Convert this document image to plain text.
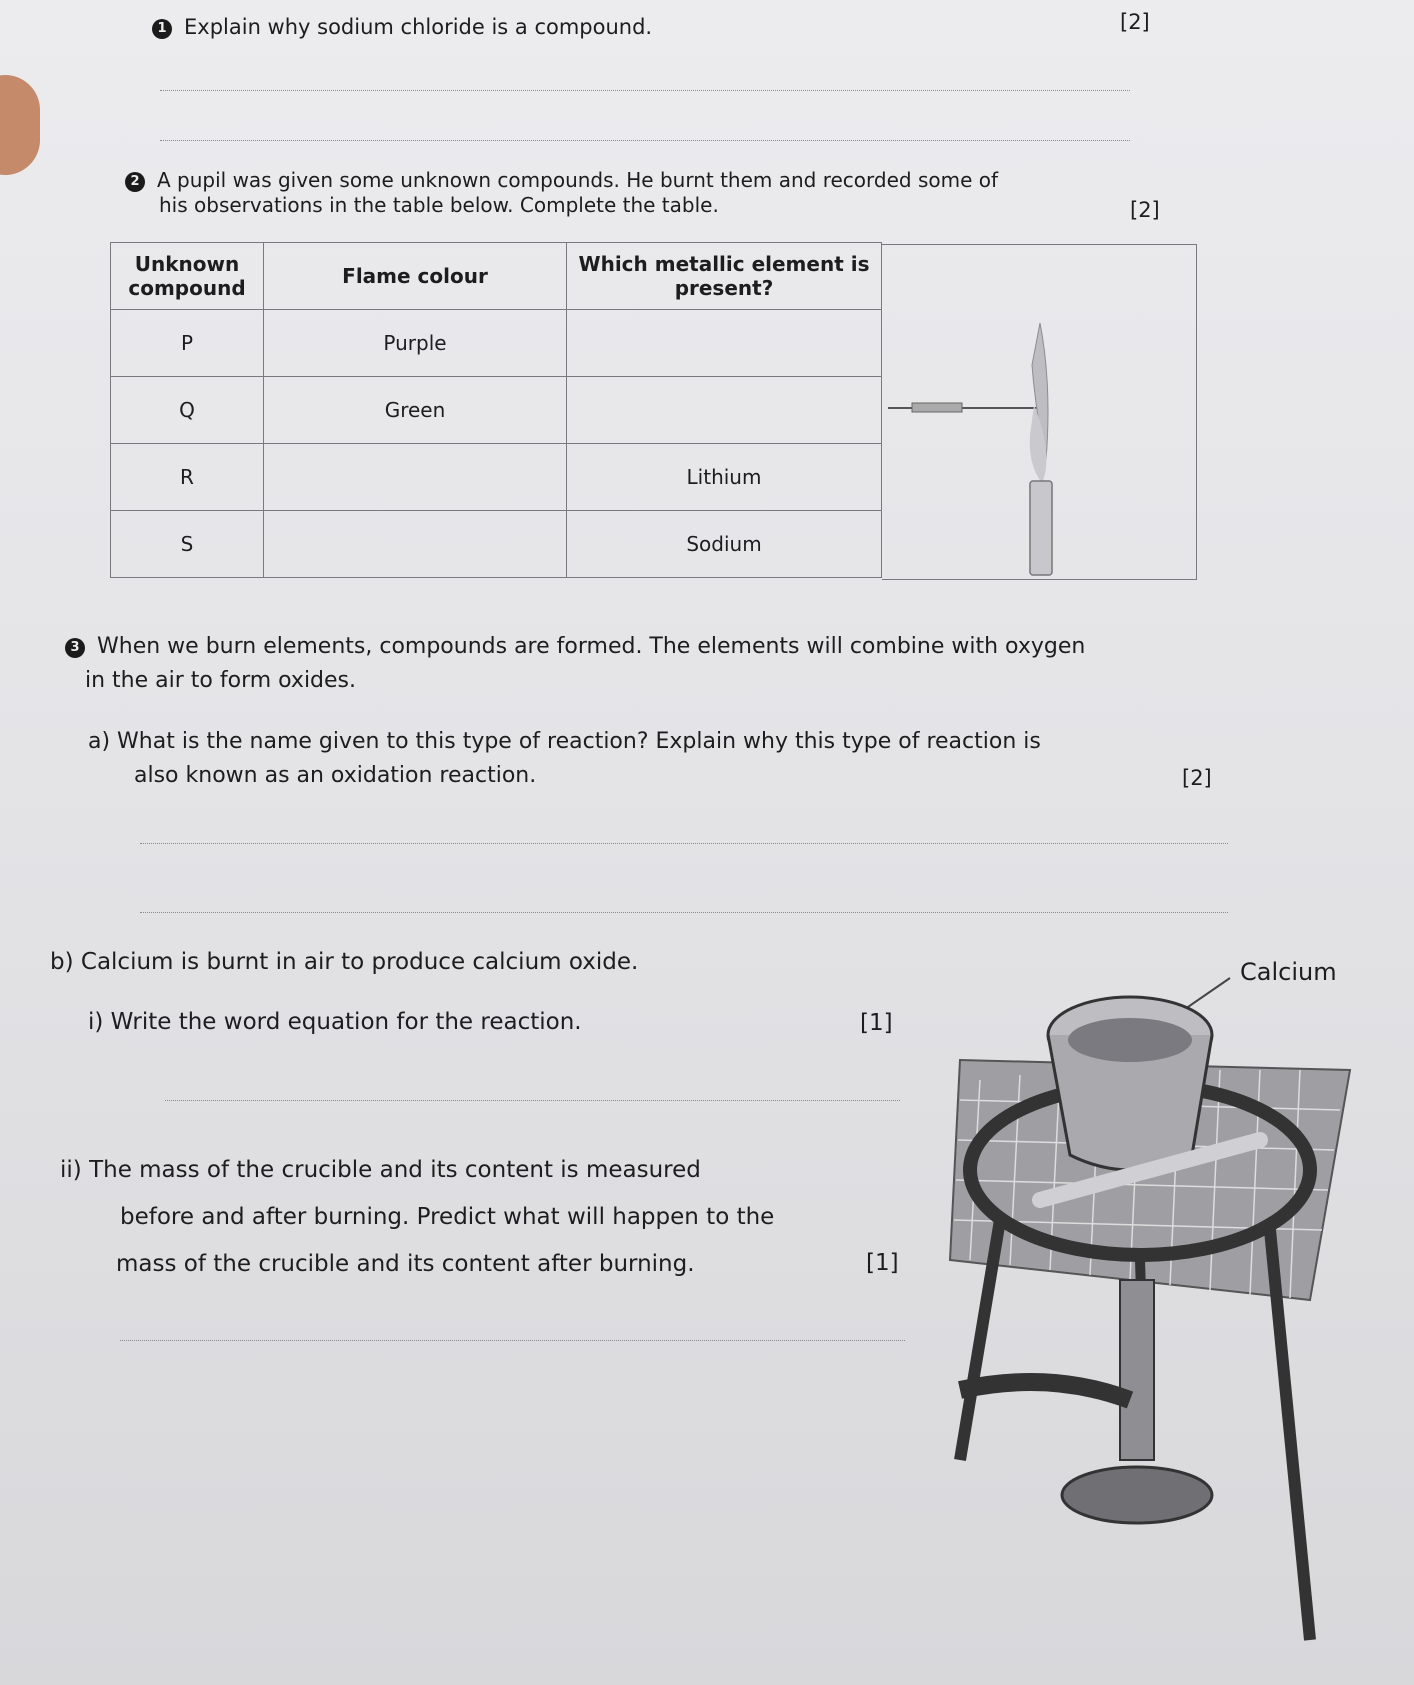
1 Explain why sodium chloride is a compound.	[2]
2 A pupil was given some unknown compounds. He burnt them and recorded some of
his observations in the table below. Complete the table.	[2]
Unknown compound	Flame colour	Which metallic element is present?
P	Purple	
Q	Green	
R		Lithium
S		Sodium
3 When we burn elements, compounds are formed. The elements will combine with oxygen
in the air to form oxides.
a) What is the name given to this type of reaction? Explain why this type of reaction is
also known as an oxidation reaction.	[2]
b) Calcium is burnt in air to produce calcium oxide.	Calcium
i) Write the word equation for the reaction.	[1]
ii) The mass of the crucible and its content is measured
before and after burning. Predict what will happen to the
mass of the crucible and its content after burning.	[1]
